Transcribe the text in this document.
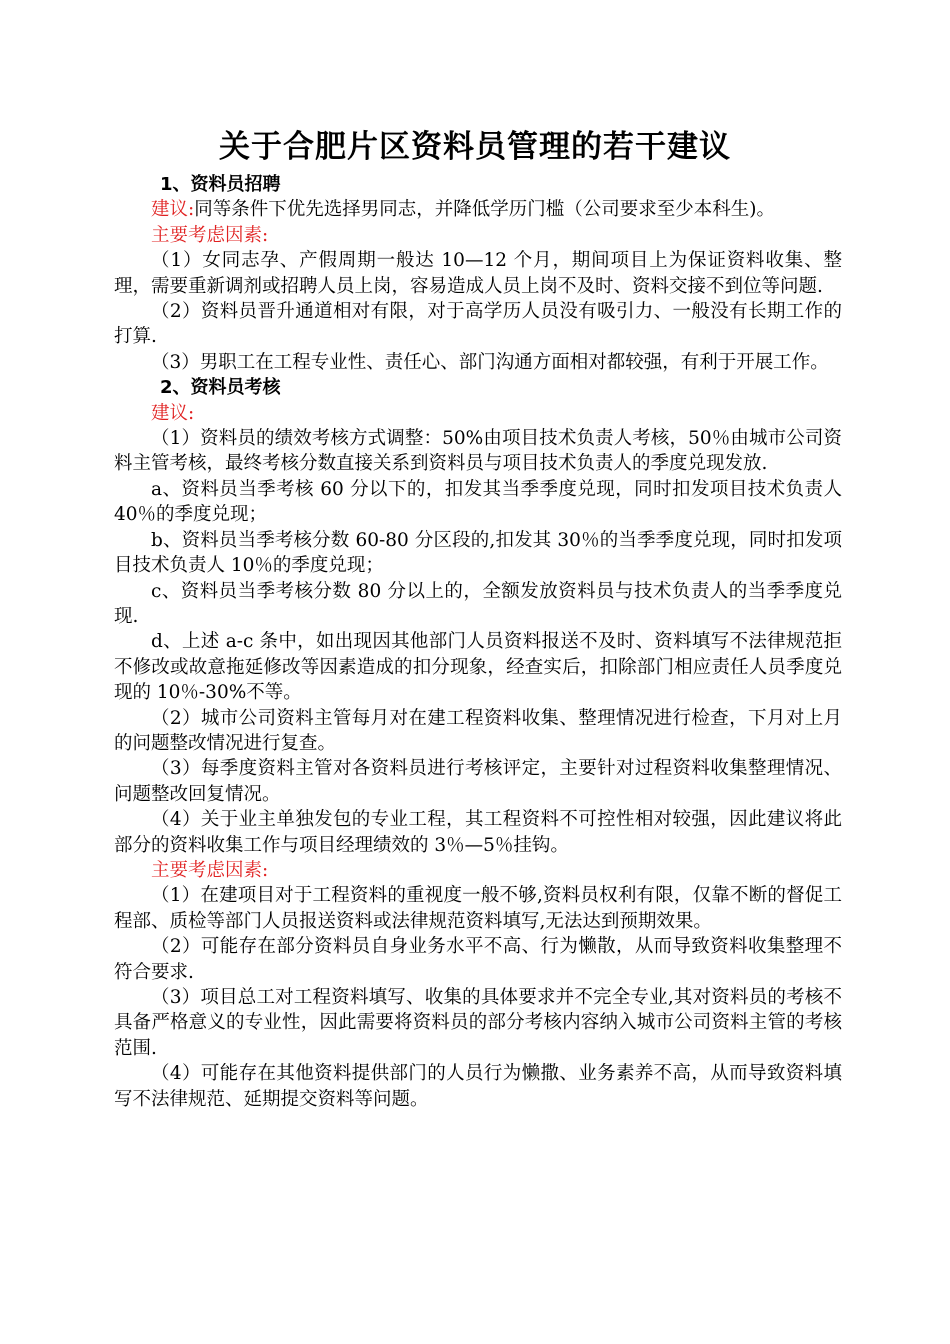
关于合肥片区资料员管理的若干建议

1、资料员招聘

建议:同等条件下优先选择男同志，并降低学历门槛（公司要求至少本科生)。

主要考虑因素:

（1）女同志孕、产假周期一般达 10—12 个月，期间项目上为保证资料收集、整理，需要重新调剂或招聘人员上岗，容易造成人员上岗不及时、资料交接不到位等问题.

（2）资料员晋升通道相对有限，对于高学历人员没有吸引力、一般没有长期工作的打算.

（3）男职工在工程专业性、责任心、部门沟通方面相对都较强，有利于开展工作。

2、资料员考核

建议:

（1）资料员的绩效考核方式调整：50%由项目技术负责人考核，50％由城市公司资料主管考核，最终考核分数直接关系到资料员与项目技术负责人的季度兑现发放.

a、资料员当季考核 60 分以下的，扣发其当季季度兑现，同时扣发项目技术负责人 40％的季度兑现；

b、资料员当季考核分数 60-80 分区段的,扣发其 30％的当季季度兑现，同时扣发项目技术负责人 10％的季度兑现；

c、资料员当季考核分数 80 分以上的，全额发放资料员与技术负责人的当季季度兑现.

d、上述 a-c 条中，如出现因其他部门人员资料报送不及时、资料填写不法律规范拒不修改或故意拖延修改等因素造成的扣分现象，经查实后，扣除部门相应责任人员季度兑现的 10％-30%不等。

（2）城市公司资料主管每月对在建工程资料收集、整理情况进行检查，下月对上月的问题整改情况进行复查。

（3）每季度资料主管对各资料员进行考核评定，主要针对过程资料收集整理情况、问题整改回复情况。

（4）关于业主单独发包的专业工程，其工程资料不可控性相对较强，因此建议将此部分的资料收集工作与项目经理绩效的 3％—5％挂钩。

主要考虑因素:

（1）在建项目对于工程资料的重视度一般不够,资料员权利有限，仅靠不断的督促工程部、质检等部门人员报送资料或法律规范资料填写,无法达到预期效果。

（2）可能存在部分资料员自身业务水平不高、行为懒散，从而导致资料收集整理不符合要求.

（3）项目总工对工程资料填写、收集的具体要求并不完全专业,其对资料员的考核不具备严格意义的专业性，因此需要将资料员的部分考核内容纳入城市公司资料主管的考核范围.

（4）可能存在其他资料提供部门的人员行为懒撒、业务素养不高，从而导致资料填写不法律规范、延期提交资料等问题。
